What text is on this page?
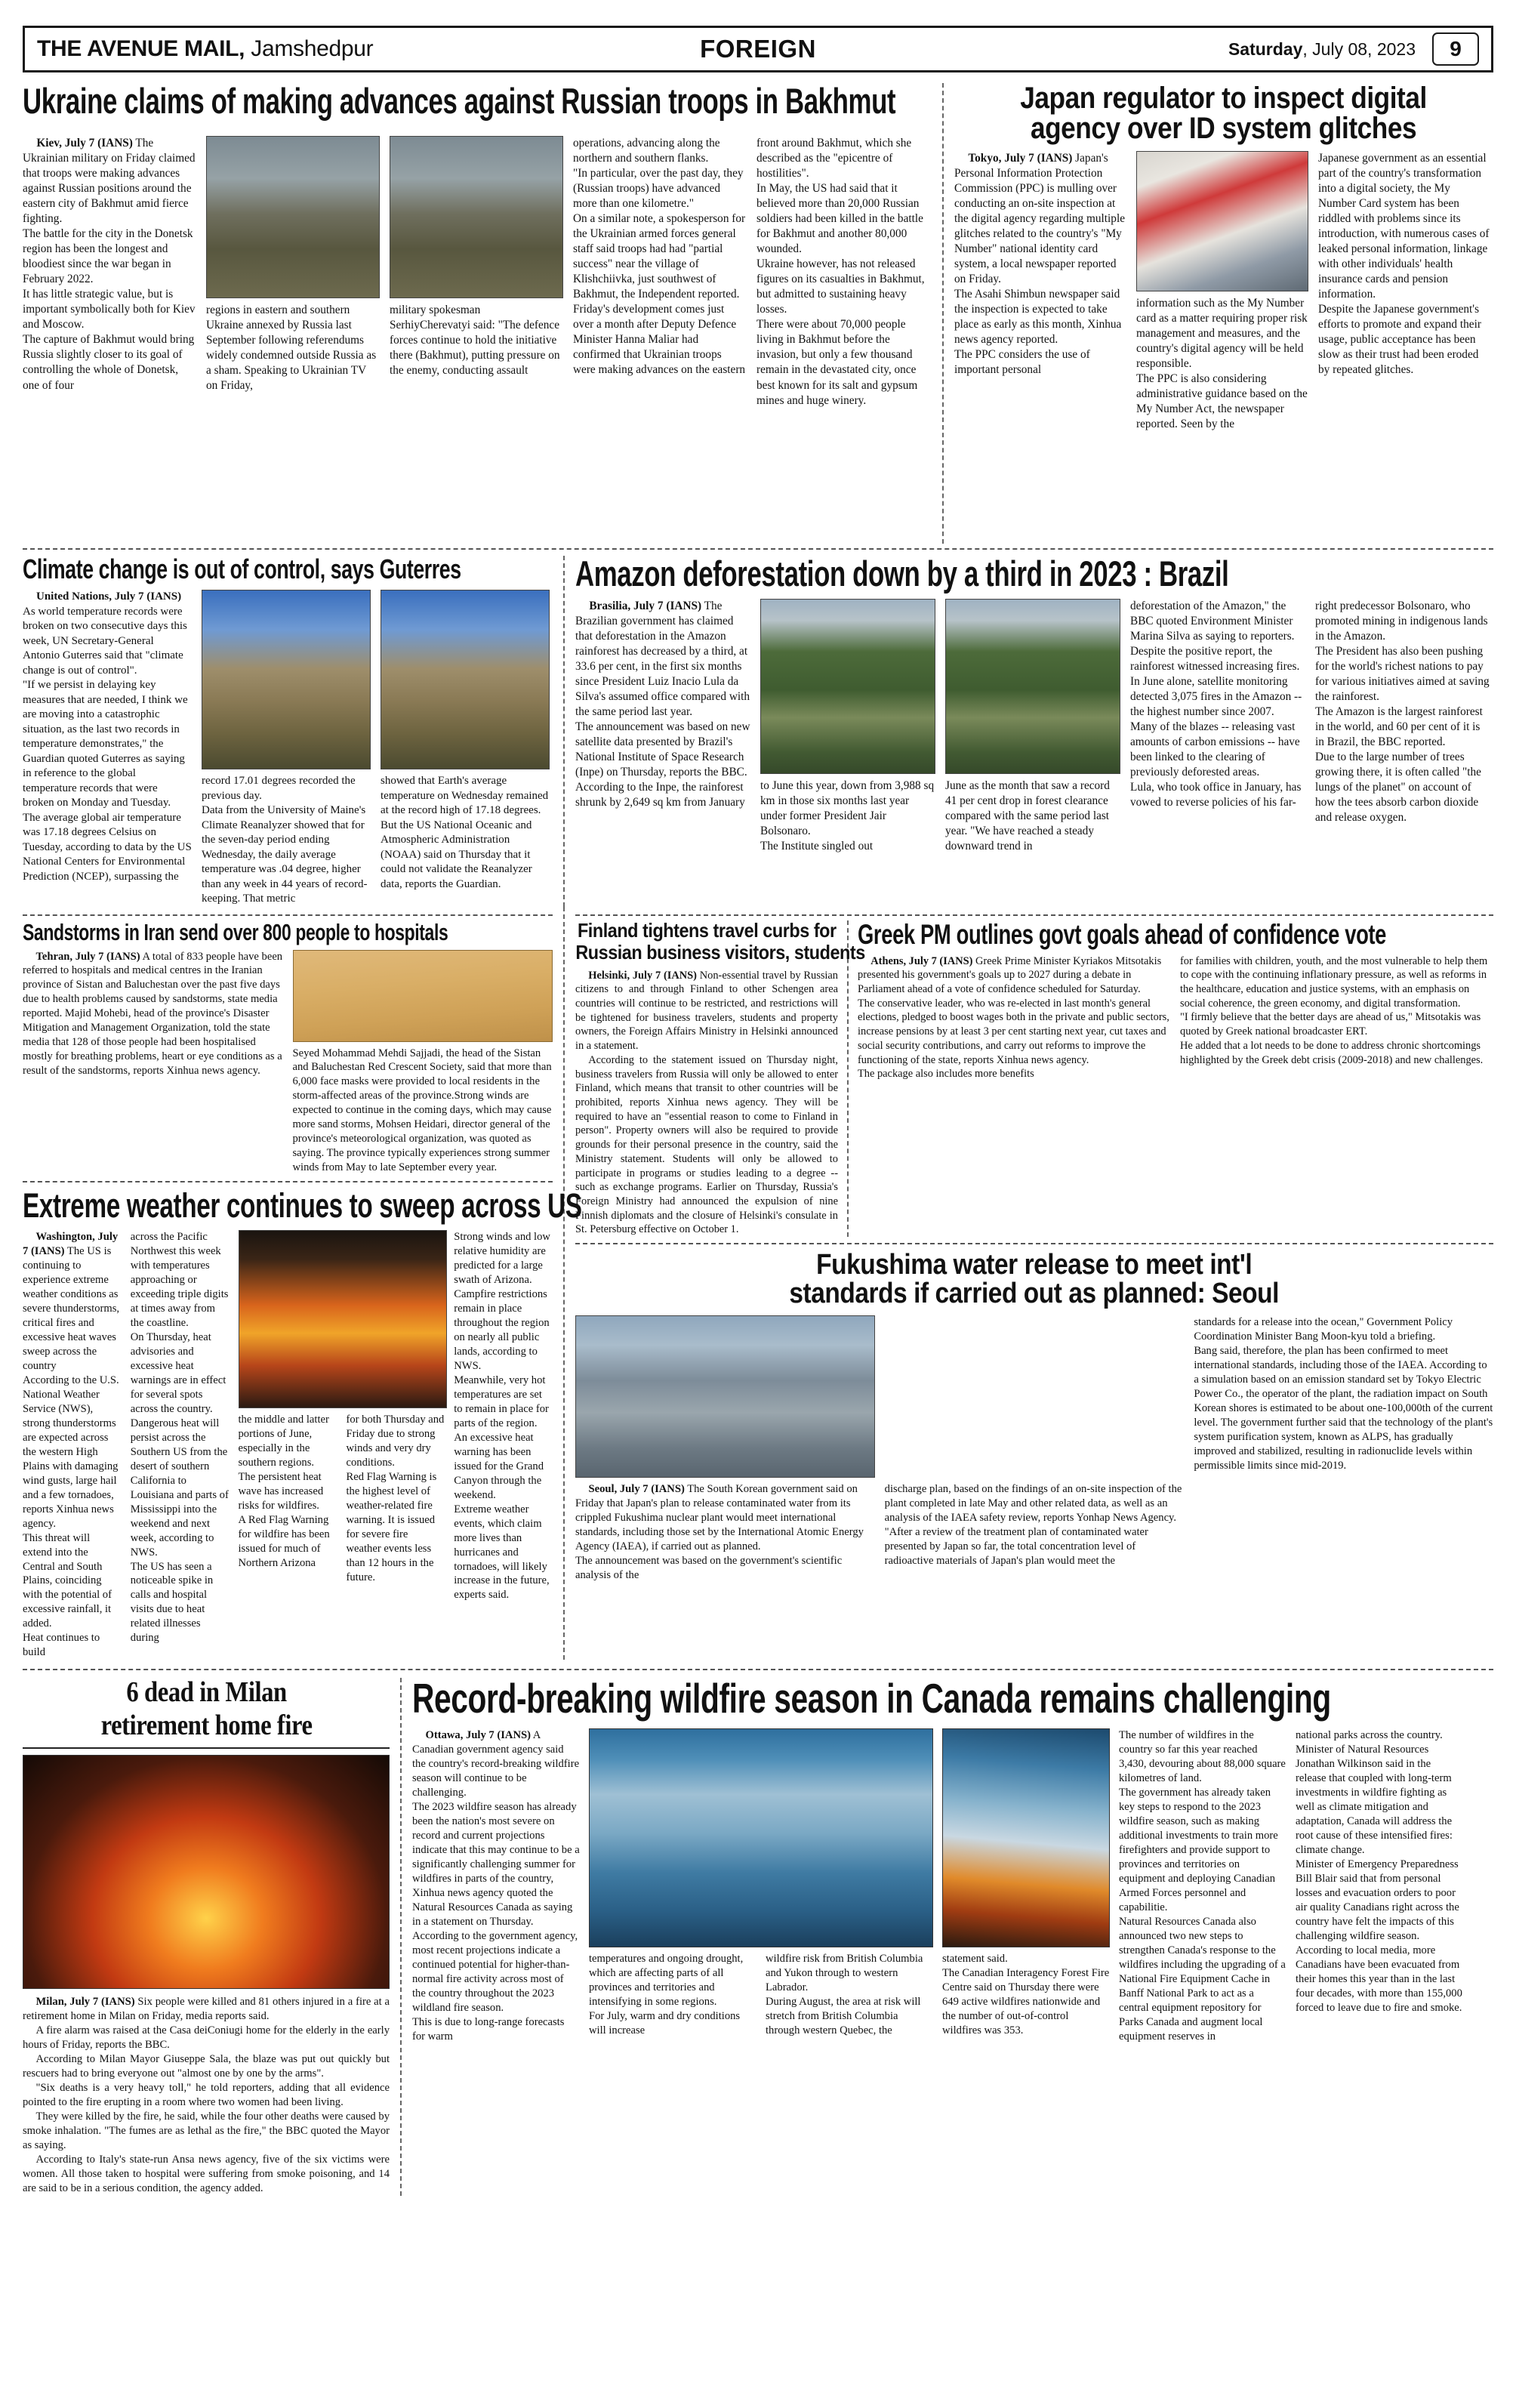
THE AVENUE MAIL, Jamshedpur	FOREIGN	Saturday, July 08, 2023	9
Ukraine claims of making advances against Russian troops in Bakhmut

Kiev, July 7 (IANS) The Ukrainian military on Friday claimed that troops were making advances against Russian positions around the eastern city of Bakhmut amid fierce fighting.

The battle for the city in the Donetsk region has been the longest and bloodiest since the war began in February 2022.

It has little strategic value, but is important symbolically both for Kiev and Moscow.

The capture of Bakhmut would bring Russia slightly closer to its goal of controlling the whole of Donetsk, one of four

regions in eastern and southern Ukraine annexed by Russia last September following referendums widely condemned outside Russia as a sham. Speaking to Ukrainian TV on Friday,

military spokesman SerhiyCherevatyi said: "The defence forces continue to hold the initiative there (Bakhmut), putting pressure on the enemy, conducting assault

operations, advancing along the northern and southern flanks.

"In particular, over the past day, they (Russian troops) have advanced more than one kilometre."

On a similar note, a spokesperson for the Ukrainian armed forces general staff said troops had had "partial success" near the village of Klishchiivka, just southwest of Bakhmut, the Independent reported.

Friday's development comes just over a month after Deputy Defence Minister Hanna Maliar had confirmed that Ukrainian troops were making advances on the eastern

front around Bakhmut, which she described as the "epicentre of hostilities".

In May, the US had said that it believed more than 20,000 Russian soldiers had been killed in the battle for Bakhmut and another 80,000 wounded.

Ukraine however, has not released figures on its casualties in Bakhmut, but admitted to sustaining heavy losses.

There were about 70,000 people living in Bakhmut before the invasion, but only a few thousand remain in the devastated city, once best known for its salt and gypsum mines and huge winery.

Japan regulator to inspect digital
agency over ID system glitches

Tokyo, July 7 (IANS) Japan's Personal Information Protection Commission (PPC) is mulling over conducting an on-site inspection at the digital agency regarding multiple glitches related to the country's "My Number" national identity card system, a local newspaper reported on Friday.

The Asahi Shimbun newspaper said the inspection is expected to take place as early as this month, Xinhua news agency reported.

The PPC considers the use of important personal

information such as the My Number card as a matter requiring proper risk management and measures, and the country's digital agency will be held responsible.

The PPC is also considering administrative guidance based on the My Number Act, the newspaper reported. Seen by the

Japanese government as an essential part of the country's transformation into a digital society, the My Number Card system has been riddled with problems since its introduction, with numerous cases of leaked personal information, linkage with other individuals' health insurance cards and pension information.

Despite the Japanese government's efforts to promote and expand their usage, public acceptance has been slow as their trust had been eroded by repeated glitches.

Climate change is out of control, says Guterres

United Nations, July 7 (IANS) As world temperature records were broken on two consecutive days this week, UN Secretary-General Antonio Guterres said that "climate change is out of control".

"If we persist in delaying key measures that are needed, I think we are moving into a catastrophic situation, as the last two records in temperature demonstrates," the Guardian quoted Guterres as saying in reference to the global temperature records that were broken on Monday and Tuesday.

The average global air temperature was 17.18 degrees Celsius on Tuesday, according to data by the US National Centers for Environmental Prediction (NCEP), surpassing the

record 17.01 degrees recorded the previous day.

Data from the University of Maine's Climate Reanalyzer showed that for the seven-day period ending Wednesday, the daily average temperature was .04 degree, higher than any week in 44 years of record-keeping. That metric

showed that Earth's average temperature on Wednesday remained at the record high of 17.18 degrees.

But the US National Oceanic and Atmospheric Administration (NOAA) said on Thursday that it could not validate the Reanalyzer data, reports the Guardian.

Amazon deforestation down by a third in 2023 : Brazil

Brasilia, July 7 (IANS) The Brazilian government has claimed that deforestation in the Amazon rainforest has decreased by a third, at 33.6 per cent, in the first six months since President Luiz Inacio Lula da Silva's assumed office compared with the same period last year.

The announcement was based on new satellite data presented by Brazil's National Institute of Space Research (Inpe) on Thursday, reports the BBC.

According to the Inpe, the rainforest shrunk by 2,649 sq km from January

to June this year, down from 3,988 sq km in those six months last year under former President Jair Bolsonaro.

The Institute singled out

June as the month that saw a record 41 per cent drop in forest clearance compared with the same period last year. "We have reached a steady downward trend in

deforestation of the Amazon," the BBC quoted Environment Minister Marina Silva as saying to reporters.

Despite the positive report, the rainforest witnessed increasing fires.

In June alone, satellite monitoring detected 3,075 fires in the Amazon -- the highest number since 2007.

Many of the blazes -- releasing vast amounts of carbon emissions -- have been linked to the clearing of previously deforested areas.

Lula, who took office in January, has vowed to reverse policies of his far-

right predecessor Bolsonaro, who promoted mining in indigenous lands in the Amazon.

The President has also been pushing for the world's richest nations to pay for various initiatives aimed at saving the rainforest.

The Amazon is the largest rainforest in the world, and 60 per cent of it is in Brazil, the BBC reported.

Due to the large number of trees growing there, it is often called "the lungs of the planet" on account of how the tees absorb carbon dioxide and release oxygen.

Sandstorms in Iran send over 800 people to hospitals

Tehran, July 7 (IANS) A total of 833 people have been referred to hospitals and medical centres in the Iranian province of Sistan and Baluchestan over the past five days due to health problems caused by sandstorms, state media reported. Majid Mohebi, head of the province's Disaster Mitigation and Management Organization, told the state media that 128 of those people had been hospitalised mostly for breathing problems, heart or eye conditions as a result of the sandstorms, reports Xinhua news agency.

Seyed Mohammad Mehdi Sajjadi, the head of the Sistan and Baluchestan Red Crescent Society, said that more than 6,000 face masks were provided to local residents in the storm-affected areas of the province.Strong winds are expected to continue in the coming days, which may cause more sand storms, Mohsen Heidari, director general of the province's meteorological organization, was quoted as saying. The province typically experiences strong summer winds from May to late September every year.

Extreme weather continues to sweep across US

Washington, July 7 (IANS) The US is continuing to experience extreme weather conditions as severe thunderstorms, critical fires and excessive heat waves sweep across the country

According to the U.S. National Weather Service (NWS), strong thunderstorms are expected across the western High Plains with damaging wind gusts, large hail and a few tornadoes, reports Xinhua news agency.

This threat will extend into the Central and South Plains, coinciding with the potential of excessive rainfall, it added.

Heat continues to build

across the Pacific Northwest this week with temperatures approaching or exceeding triple digits at times away from the coastline.

On Thursday, heat advisories and excessive heat warnings are in effect for several spots across the country.

Dangerous heat will persist across the Southern US from the desert of southern California to Louisiana and parts of Mississippi into the weekend and next week, according to NWS.

The US has seen a noticeable spike in calls and hospital visits due to heat related illnesses during

the middle and latter portions of June, especially in the southern regions.

The persistent heat wave has increased risks for wildfires.

A Red Flag Warning for wildfire has been issued for much of Northern Arizona

for both Thursday and Friday due to strong winds and very dry conditions.

Red Flag Warning is the highest level of weather-related fire warning. It is issued for severe fire weather events less than 12 hours in the future.

Strong winds and low relative humidity are predicted for a large swath of Arizona.

Campfire restrictions remain in place throughout the region on nearly all public lands, according to NWS.

Meanwhile, very hot temperatures are set to remain in place for parts of the region.

An excessive heat warning has been issued for the Grand Canyon through the weekend.

Extreme weather events, which claim more lives than hurricanes and tornadoes, will likely increase in the future, experts said.

Finland tightens travel curbs for
Russian business visitors, students

Helsinki, July 7 (IANS) Non-essential travel by Russian citizens to and through Finland to other Schengen area countries will continue to be restricted, and restrictions will be tightened for business travelers, students and property owners, the Foreign Affairs Ministry in Helsinki announced in a statement.

According to the statement issued on Thursday night, business travelers from Russia will only be allowed to enter Finland, which means that transit to other countries will be prohibited, reports Xinhua news agency. They will be required to have an "essential reason to come to Finland in person". Property owners will also be required to provide grounds for their personal presence in the country, said the Ministry statement. Students will only be allowed to participate in programs or studies leading to a degree -- such as exchange programs. Earlier on Thursday, Russia's Foreign Ministry had announced the expulsion of nine Finnish diplomats and the closure of Helsinki's consulate in St. Petersburg effective on October 1.

Greek PM outlines govt goals ahead of confidence vote

Athens, July 7 (IANS) Greek Prime Minister Kyriakos Mitsotakis presented his government's goals up to 2027 during a debate in Parliament ahead of a vote of confidence scheduled for Saturday.

The conservative leader, who was re-elected in last month's general elections, pledged to boost wages both in the private and public sectors, increase pensions by at least 3 per cent starting next year, cut taxes and social security contributions, and carry out reforms to improve the functioning of the state, reports Xinhua news agency.

The package also includes more benefits

for families with children, youth, and the most vulnerable to help them to cope with the continuing inflationary pressure, as well as reforms in the healthcare, education and justice systems, with an emphasis on social coherence, the green economy, and digital transformation.

"I firmly believe that the better days are ahead of us," Mitsotakis was quoted by Greek national broadcaster ERT.

He added that a lot needs to be done to address chronic shortcomings highlighted by the Greek debt crisis (2009-2018) and new challenges.

Fukushima water release to meet int'l
standards if carried out as planned: Seoul

Seoul, July 7 (IANS) The South Korean government said on Friday that Japan's plan to release contaminated water from its crippled Fukushima nuclear plant would meet international standards, including those set by the International Atomic Energy Agency (IAEA), if carried out as planned.

The announcement was based on the government's scientific analysis of the

discharge plan, based on the findings of an on-site inspection of the plant completed in late May and other related data, as well as an analysis of the IAEA safety review, reports Yonhap News Agency. "After a review of the treatment plan of contaminated water presented by Japan so far, the total concentration level of radioactive materials of Japan's plan would meet the

standards for a release into the ocean," Government Policy Coordination Minister Bang Moon-kyu told a briefing.

Bang said, therefore, the plan has been confirmed to meet international standards, including those of the IAEA. According to a simulation based on an emission standard set by Tokyo Electric Power Co., the operator of the plant, the radiation impact on South Korean shores is estimated to be about one-100,000th of the current level. The government further said that the technology of the plant's system purification system, known as ALPS, has gradually improved and stabilized, resulting in radionuclide levels within permissible limits since mid-2019.

6 dead in Milan
retirement home fire

Milan, July 7 (IANS) Six people were killed and 81 others injured in a fire at a retirement home in Milan on Friday, media reports said.

A fire alarm was raised at the Casa deiConiugi home for the elderly in the early hours of Friday, reports the BBC.

According to Milan Mayor Giuseppe Sala, the blaze was put out quickly but rescuers had to bring everyone out "almost one by one by the arms".

"Six deaths is a very heavy toll," he told reporters, adding that all evidence pointed to the fire erupting in a room where two women had been living.

They were killed by the fire, he said, while the four other deaths were caused by smoke inhalation. "The fumes are as lethal as the fire," the BBC quoted the Mayor as saying.

According to Italy's state-run Ansa news agency, five of the six victims were women. All those taken to hospital were suffering from smoke poisoning, and 14 are said to be in a serious condition, the agency added.

Record-breaking wildfire season in Canada remains challenging

Ottawa, July 7 (IANS) A Canadian government agency said the country's record-breaking wildfire season will continue to be challenging.

The 2023 wildfire season has already been the nation's most severe on record and current projections indicate that this may continue to be a significantly challenging summer for wildfires in parts of the country, Xinhua news agency quoted the Natural Resources Canada as saying in a statement on Thursday.

According to the government agency, most recent projections indicate a continued potential for higher-than-normal fire activity across most of the country throughout the 2023 wildland fire season.

This is due to long-range forecasts for warm

temperatures and ongoing drought, which are affecting parts of all provinces and territories and intensifying in some regions.

For July, warm and dry conditions will increase

wildfire risk from British Columbia and Yukon through to western Labrador.

During August, the area at risk will stretch from British Columbia through western Quebec, the

statement said.

The Canadian Interagency Forest Fire Centre said on Thursday there were 649 active wildfires nationwide and the number of out-of-control wildfires was 353.

The number of wildfires in the country so far this year reached 3,430, devouring about 88,000 square kilometres of land.

The government has already taken key steps to respond to the 2023 wildfire season, such as making additional investments to train more firefighters and provide support to provinces and territories on equipment and deploying Canadian Armed Forces personnel and capabilitie.

Natural Resources Canada also announced two new steps to strengthen Canada's response to the wildfires including the upgrading of a National Fire Equipment Cache in Banff National Park to act as a central equipment repository for Parks Canada and augment local equipment reserves in

national parks across the country.

Minister of Natural Resources Jonathan Wilkinson said in the release that coupled with long-term investments in wildfire fighting as well as climate mitigation and adaptation, Canada will address the root cause of these intensified fires: climate change.

Minister of Emergency Preparedness Bill Blair said that from personal losses and evacuation orders to poor air quality Canadians right across the country have felt the impacts of this challenging wildfire season. According to local media, more Canadians have been evacuated from their homes this year than in the last four decades, with more than 155,000 forced to leave due to fire and smoke.
